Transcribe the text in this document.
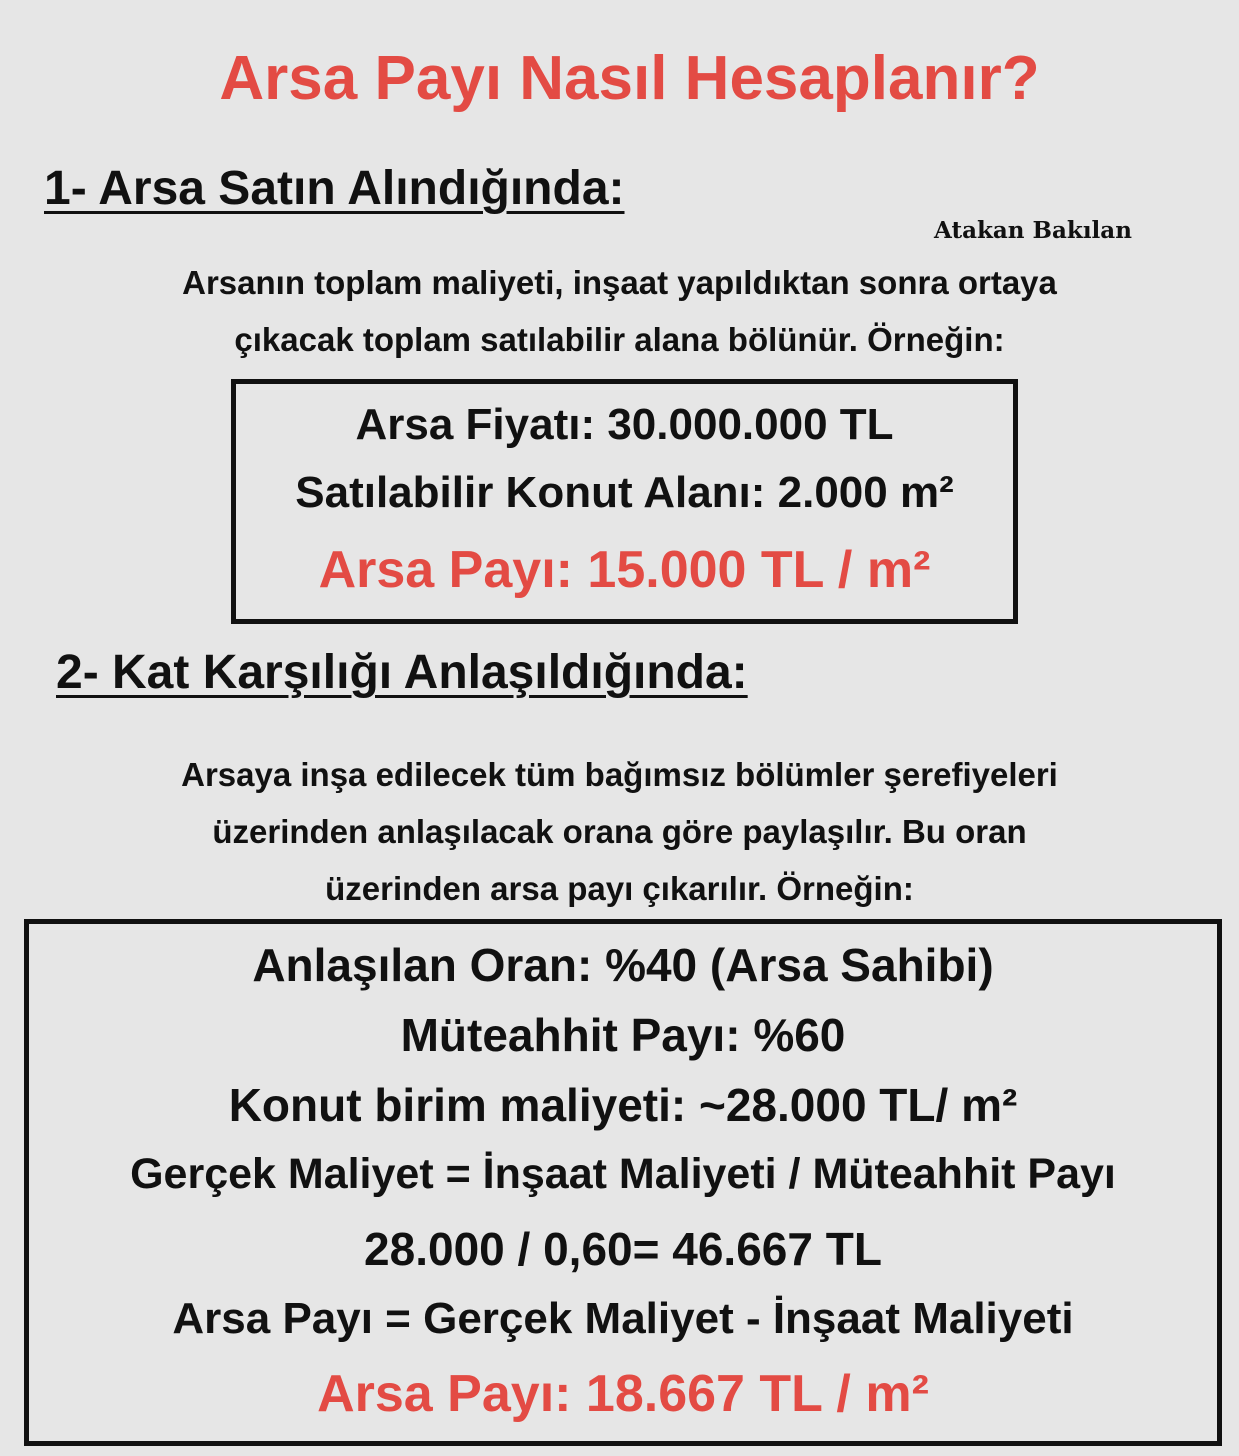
Arsa Payı Nasıl Hesaplanır?
1- Arsa Satın Alındığında:
Atakan Bakılan
Arsanın toplam maliyeti, inşaat yapıldıktan sonra ortaya
çıkacak toplam satılabilir alana bölünür. Örneğin:
Arsa Fiyatı: 30.000.000 TL
Satılabilir Konut Alanı: 2.000 m²
Arsa Payı: 15.000 TL / m²
2- Kat Karşılığı Anlaşıldığında:
Arsaya inşa edilecek tüm bağımsız bölümler şerefiyeleri
üzerinden anlaşılacak orana göre paylaşılır. Bu oran
üzerinden arsa payı çıkarılır. Örneğin:
Anlaşılan Oran: %40 (Arsa Sahibi)
Müteahhit Payı: %60
Konut birim maliyeti: ~28.000 TL/ m²
Gerçek Maliyet = İnşaat Maliyeti / Müteahhit Payı
28.000 / 0,60= 46.667 TL
Arsa Payı = Gerçek Maliyet - İnşaat Maliyeti
Arsa Payı: 18.667 TL / m²
